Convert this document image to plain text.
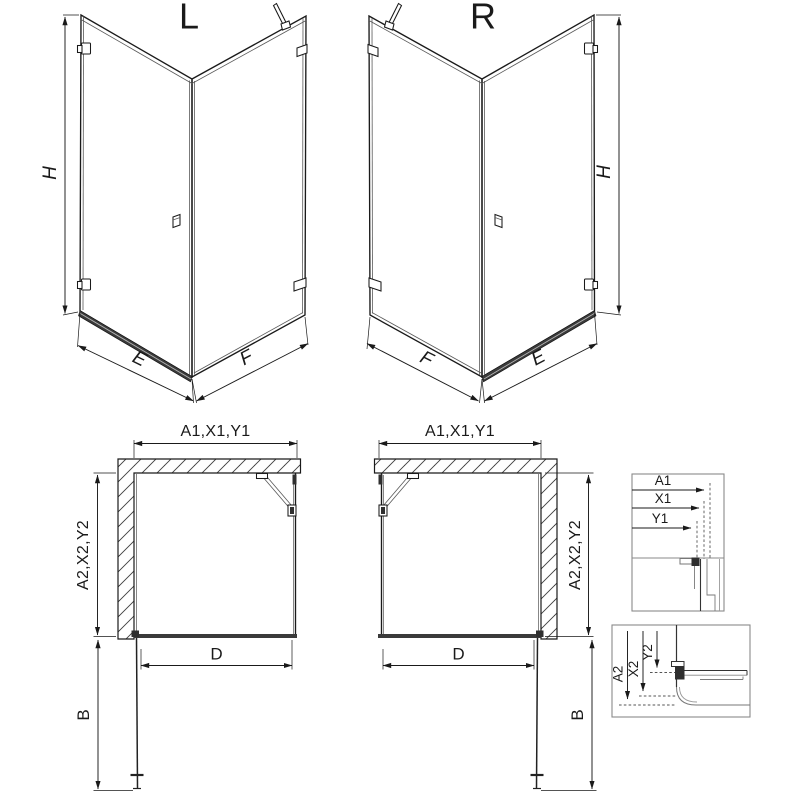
L
H
E	F
R
H
F	E
A1,X1,Y1
A2,X2,Y2
B
D
A1,X1,Y1
A2,X2,Y2
B
D
A1
X1
Y1
A2 X2
Y2
